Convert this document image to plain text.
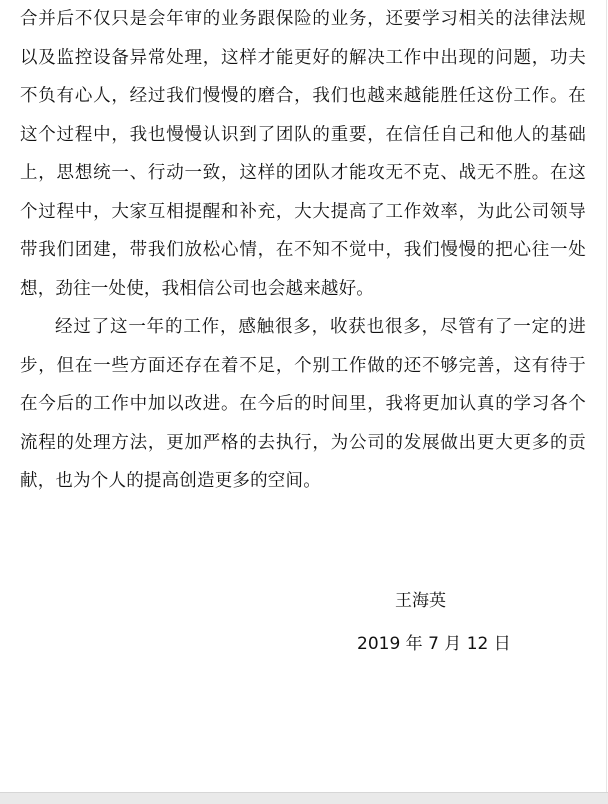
合并后不仅只是会年审的业务跟保险的业务，还要学习相关的法律法规以及监控设备异常处理，这样才能更好的解决工作中出现的问题，功夫不负有心人，经过我们慢慢的磨合，我们也越来越能胜任这份工作。在这个过程中，我也慢慢认识到了团队的重要，在信任自己和他人的基础上，思想统一、行动一致，这样的团队才能攻无不克、战无不胜。在这个过程中，大家互相提醒和补充，大大提高了工作效率，为此公司领导带我们团建，带我们放松心情，在不知不觉中，我们慢慢的把心往一处想，劲往一处使，我相信公司也会越来越好。

经过了这一年的工作，感触很多，收获也很多，尽管有了一定的进步，但在一些方面还存在着不足，个别工作做的还不够完善，这有待于在今后的工作中加以改进。在今后的时间里，我将更加认真的学习各个流程的处理方法，更加严格的去执行，为公司的发展做出更大更多的贡献，也为个人的提高创造更多的空间。

王海英
2019 年 7 月 12 日
